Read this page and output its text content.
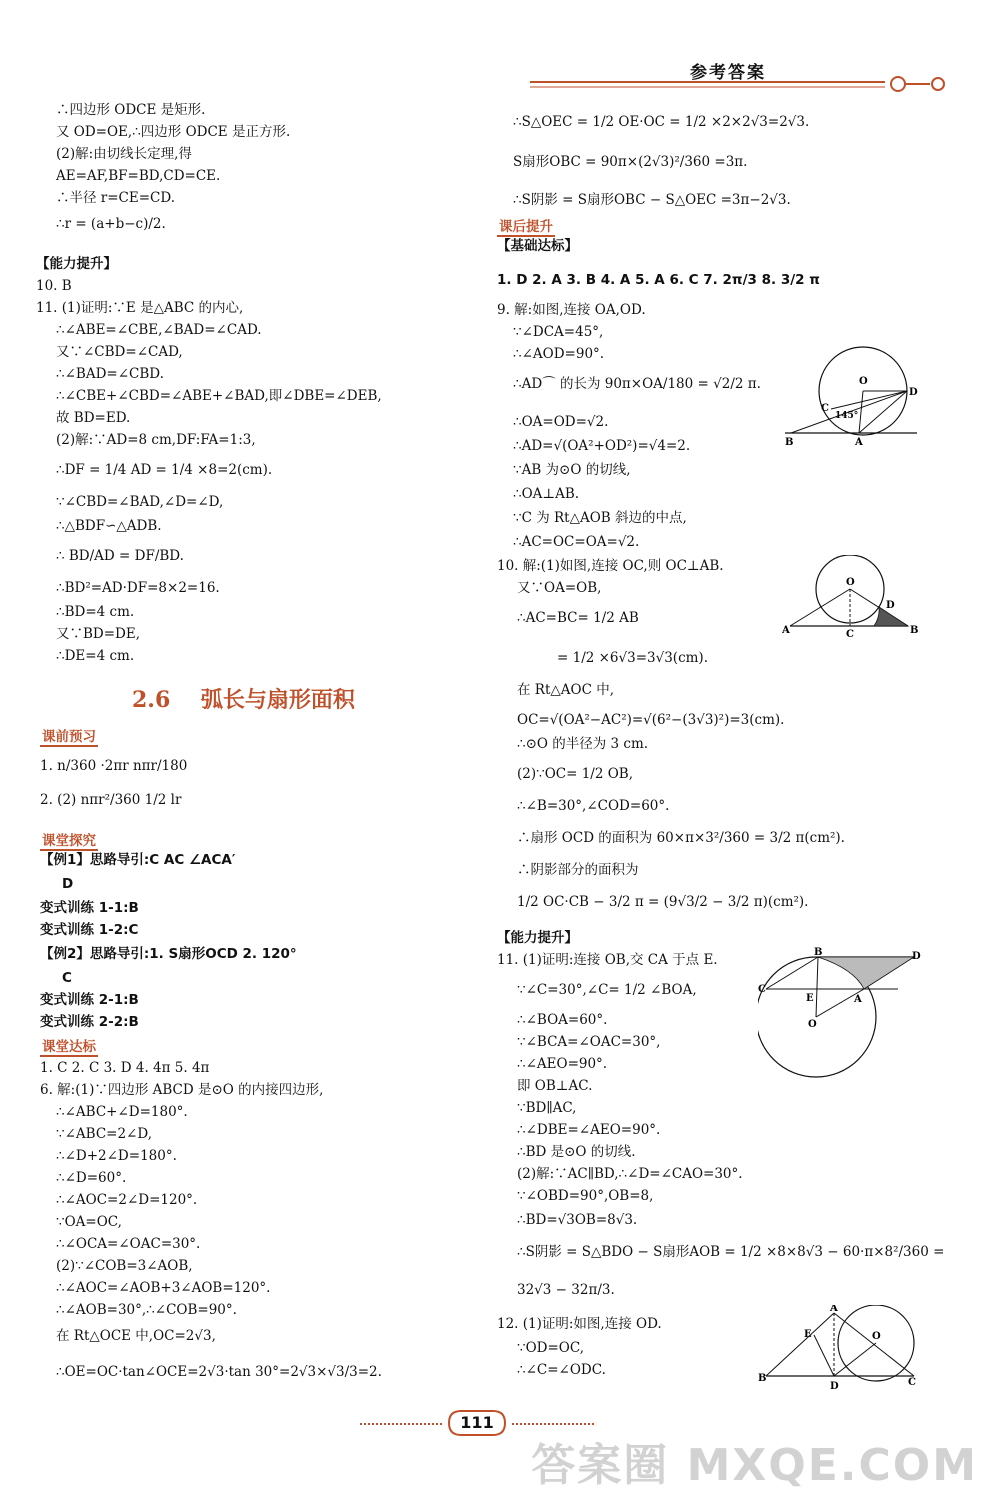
参考答案
∴四边形 ODCE 是矩形.
又 OD=OE,∴四边形 ODCE 是正方形.
(2)解:由切线长定理,得
AE=AF,BF=BD,CD=CE.
∴半径 r=CE=CD.
∴r = (a+b−c)/2.
【能力提升】
10. B
11. (1)证明:∵E 是△ABC 的内心,
∴∠ABE=∠CBE,∠BAD=∠CAD.
又∵∠CBD=∠CAD,
∴∠BAD=∠CBD.
∴∠CBE+∠CBD=∠ABE+∠BAD,即∠DBE=∠DEB,
故 BD=ED.
(2)解:∵AD=8 cm,DF:FA=1:3,
∴DF = 1/4 AD = 1/4 ×8=2(cm).
∵∠CBD=∠BAD,∠D=∠D,
∴△BDF∽△ADB.
∴ BD/AD = DF/BD.
∴BD²=AD·DF=8×2=16.
∴BD=4 cm.
又∵BD=DE,
∴DE=4 cm.
2.6 弧长与扇形面积
课前预习
1. n/360 ·2πr nπr/180
2. (2) nπr²/360 1/2 lr
课堂探究
【例1】思路导引:C AC ∠ACA′
D
变式训练 1-1:B
变式训练 1-2:C
【例2】思路导引:1. S扇形OCD 2. 120°
C
变式训练 2-1:B
变式训练 2-2:B
课堂达标
1. C 2. C 3. D 4. 4π 5. 4π
6. 解:(1)∵四边形 ABCD 是⊙O 的内接四边形,
∴∠ABC+∠D=180°.
∵∠ABC=2∠D,
∴∠D+2∠D=180°.
∴∠D=60°.
∴∠AOC=2∠D=120°.
∵OA=OC,
∴∠OCA=∠OAC=30°.
(2)∵∠COB=3∠AOB,
∴∠AOC=∠AOB+3∠AOB=120°.
∴∠AOB=30°,∴∠COB=90°.
在 Rt△OCE 中,OC=2√3,
∴OE=OC·tan∠OCE=2√3·tan 30°=2√3×√3/3=2.
∴S△OEC = 1/2 OE·OC = 1/2 ×2×2√3=2√3.
S扇形OBC = 90π×(2√3)²/360 =3π.
∴S阴影 = S扇形OBC − S△OEC =3π−2√3.
课后提升
【基础达标】
1. D 2. A 3. B 4. A 5. A 6. C 7. 2π/3 8. 3/2 π
9. 解:如图,连接 OA,OD.
∵∠DCA=45°,
∴∠AOD=90°.
∴AD⌒ 的长为 90π×OA/180 = √2/2 π.
∴OA=OD=√2.
∴AD=√(OA²+OD²)=√4=2.
∵AB 为⊙O 的切线,
∴OA⊥AB.
∵C 为 Rt△AOB 斜边的中点,
∴AC=OC=OA=√2.
10. 解:(1)如图,连接 OC,则 OC⊥AB.
又∵OA=OB,
∴AC=BC= 1/2 AB
= 1/2 ×6√3=3√3(cm).
在 Rt△AOC 中,
OC=√(OA²−AC²)=√(6²−(3√3)²)=3(cm).
∴⊙O 的半径为 3 cm.
(2)∵OC= 1/2 OB,
∴∠B=30°,∠COD=60°.
∴扇形 OCD 的面积为 60×π×3²/360 = 3/2 π(cm²).
∴阴影部分的面积为
1/2 OC·CB − 3/2 π = (9√3/2 − 3/2 π)(cm²).
【能力提升】
11. (1)证明:连接 OB,交 CA 于点 E.
∵∠C=30°,∠C= 1/2 ∠BOA,
∴∠BOA=60°.
∵∠BCA=∠OAC=30°,
∴∠AEO=90°.
即 OB⊥AC.
∵BD∥AC,
∴∠DBE=∠AEO=90°.
∴BD 是⊙O 的切线.
(2)解:∵AC∥BD,∴∠D=∠CAO=30°.
∵∠OBD=90°,OB=8,
∴BD=√3OB=8√3.
∴S阴影 = S△BDO − S扇形AOB = 1/2 ×8×8√3 − 60·π×8²/360 =
32√3 − 32π/3.
12. (1)证明:如图,连接 OD.
∵OD=OC,
∴∠C=∠ODC.
O
D
C
145°
B	A
O
D
A	C	B
B	D
C
E	A
O
A
E	O
B
D	C
111
答案圈 MXQE.COM
